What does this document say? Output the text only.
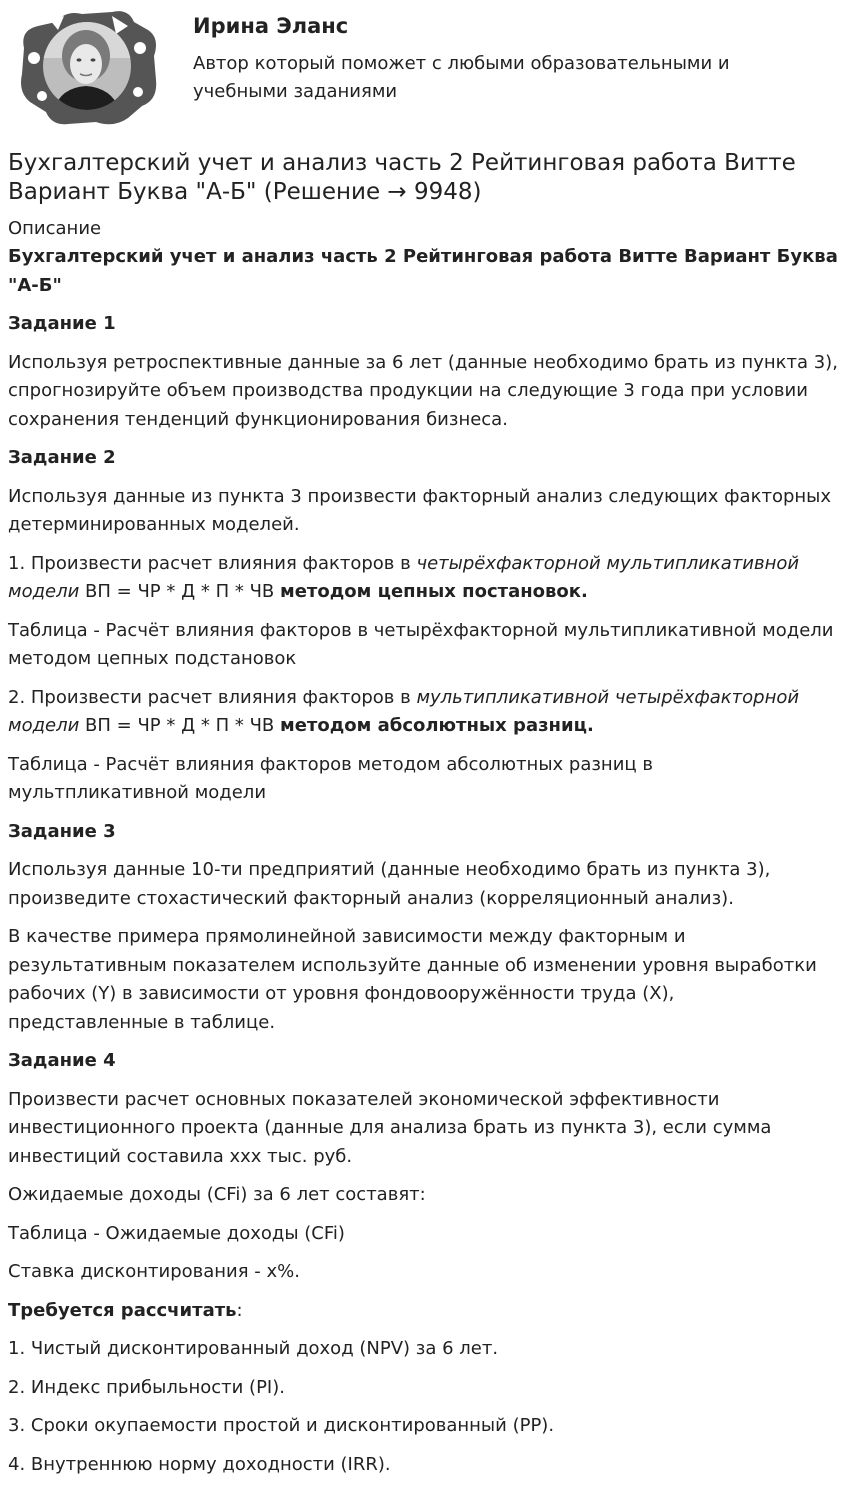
Ирина Эланс

Автор который поможет с любыми образовательными и учебными заданиями

Бухгалтерский учет и анализ часть 2 Рейтинговая работа Витте Вариант Буква "А-Б" (Решение → 9948)
Описание

Бухгалтерский учет и анализ часть 2 Рейтинговая работа Витте Вариант Буква "А-Б"

Задание 1

Используя ретроспективные данные за 6 лет (данные необходимо брать из пункта 3), спрогнозируйте объем производства продукции на следующие 3 года при условии сохранения тенденций функционирования бизнеса.

Задание 2

Используя данные из пункта 3 произвести факторный анализ следующих факторных детерминированных моделей.

1. Произвести расчет влияния факторов в четырёхфакторной мультипликативной модели ВП = ЧР * Д * П * ЧВ методом цепных постановок.

Таблица - Расчёт влияния факторов в четырёхфакторной мультипликативной модели методом цепных подстановок

2. Произвести расчет влияния факторов в мультипликативной четырёхфакторной модели ВП = ЧР * Д * П * ЧВ методом абсолютных разниц.

Таблица - Расчёт влияния факторов методом абсолютных разниц в мультпликативной модели

Задание 3

Используя данные 10-ти предприятий (данные необходимо брать из пункта 3), произведите стохастический факторный анализ (корреляционный анализ).

В качестве примера прямолинейной зависимости между факторным и результативным показателем используйте данные об изменении уровня выработки рабочих (Y) в зависимости от уровня фондовооружённости труда (X), представленные в таблице.

Задание 4

Произвести расчет основных показателей экономической эффективности инвестиционного проекта (данные для анализа брать из пункта 3), если сумма инвестиций составила ххх тыс. руб.

Ожидаемые доходы (CFi) за 6 лет составят:

Таблица - Ожидаемые доходы (CFi)

Ставка дисконтирования - х%.

Требуется рассчитать:

1. Чистый дисконтированный доход (NPV) за 6 лет.

2. Индекс прибыльности (PI).

3. Сроки окупаемости простой и дисконтированный (PP).

4. Внутреннюю норму доходности (IRR).
